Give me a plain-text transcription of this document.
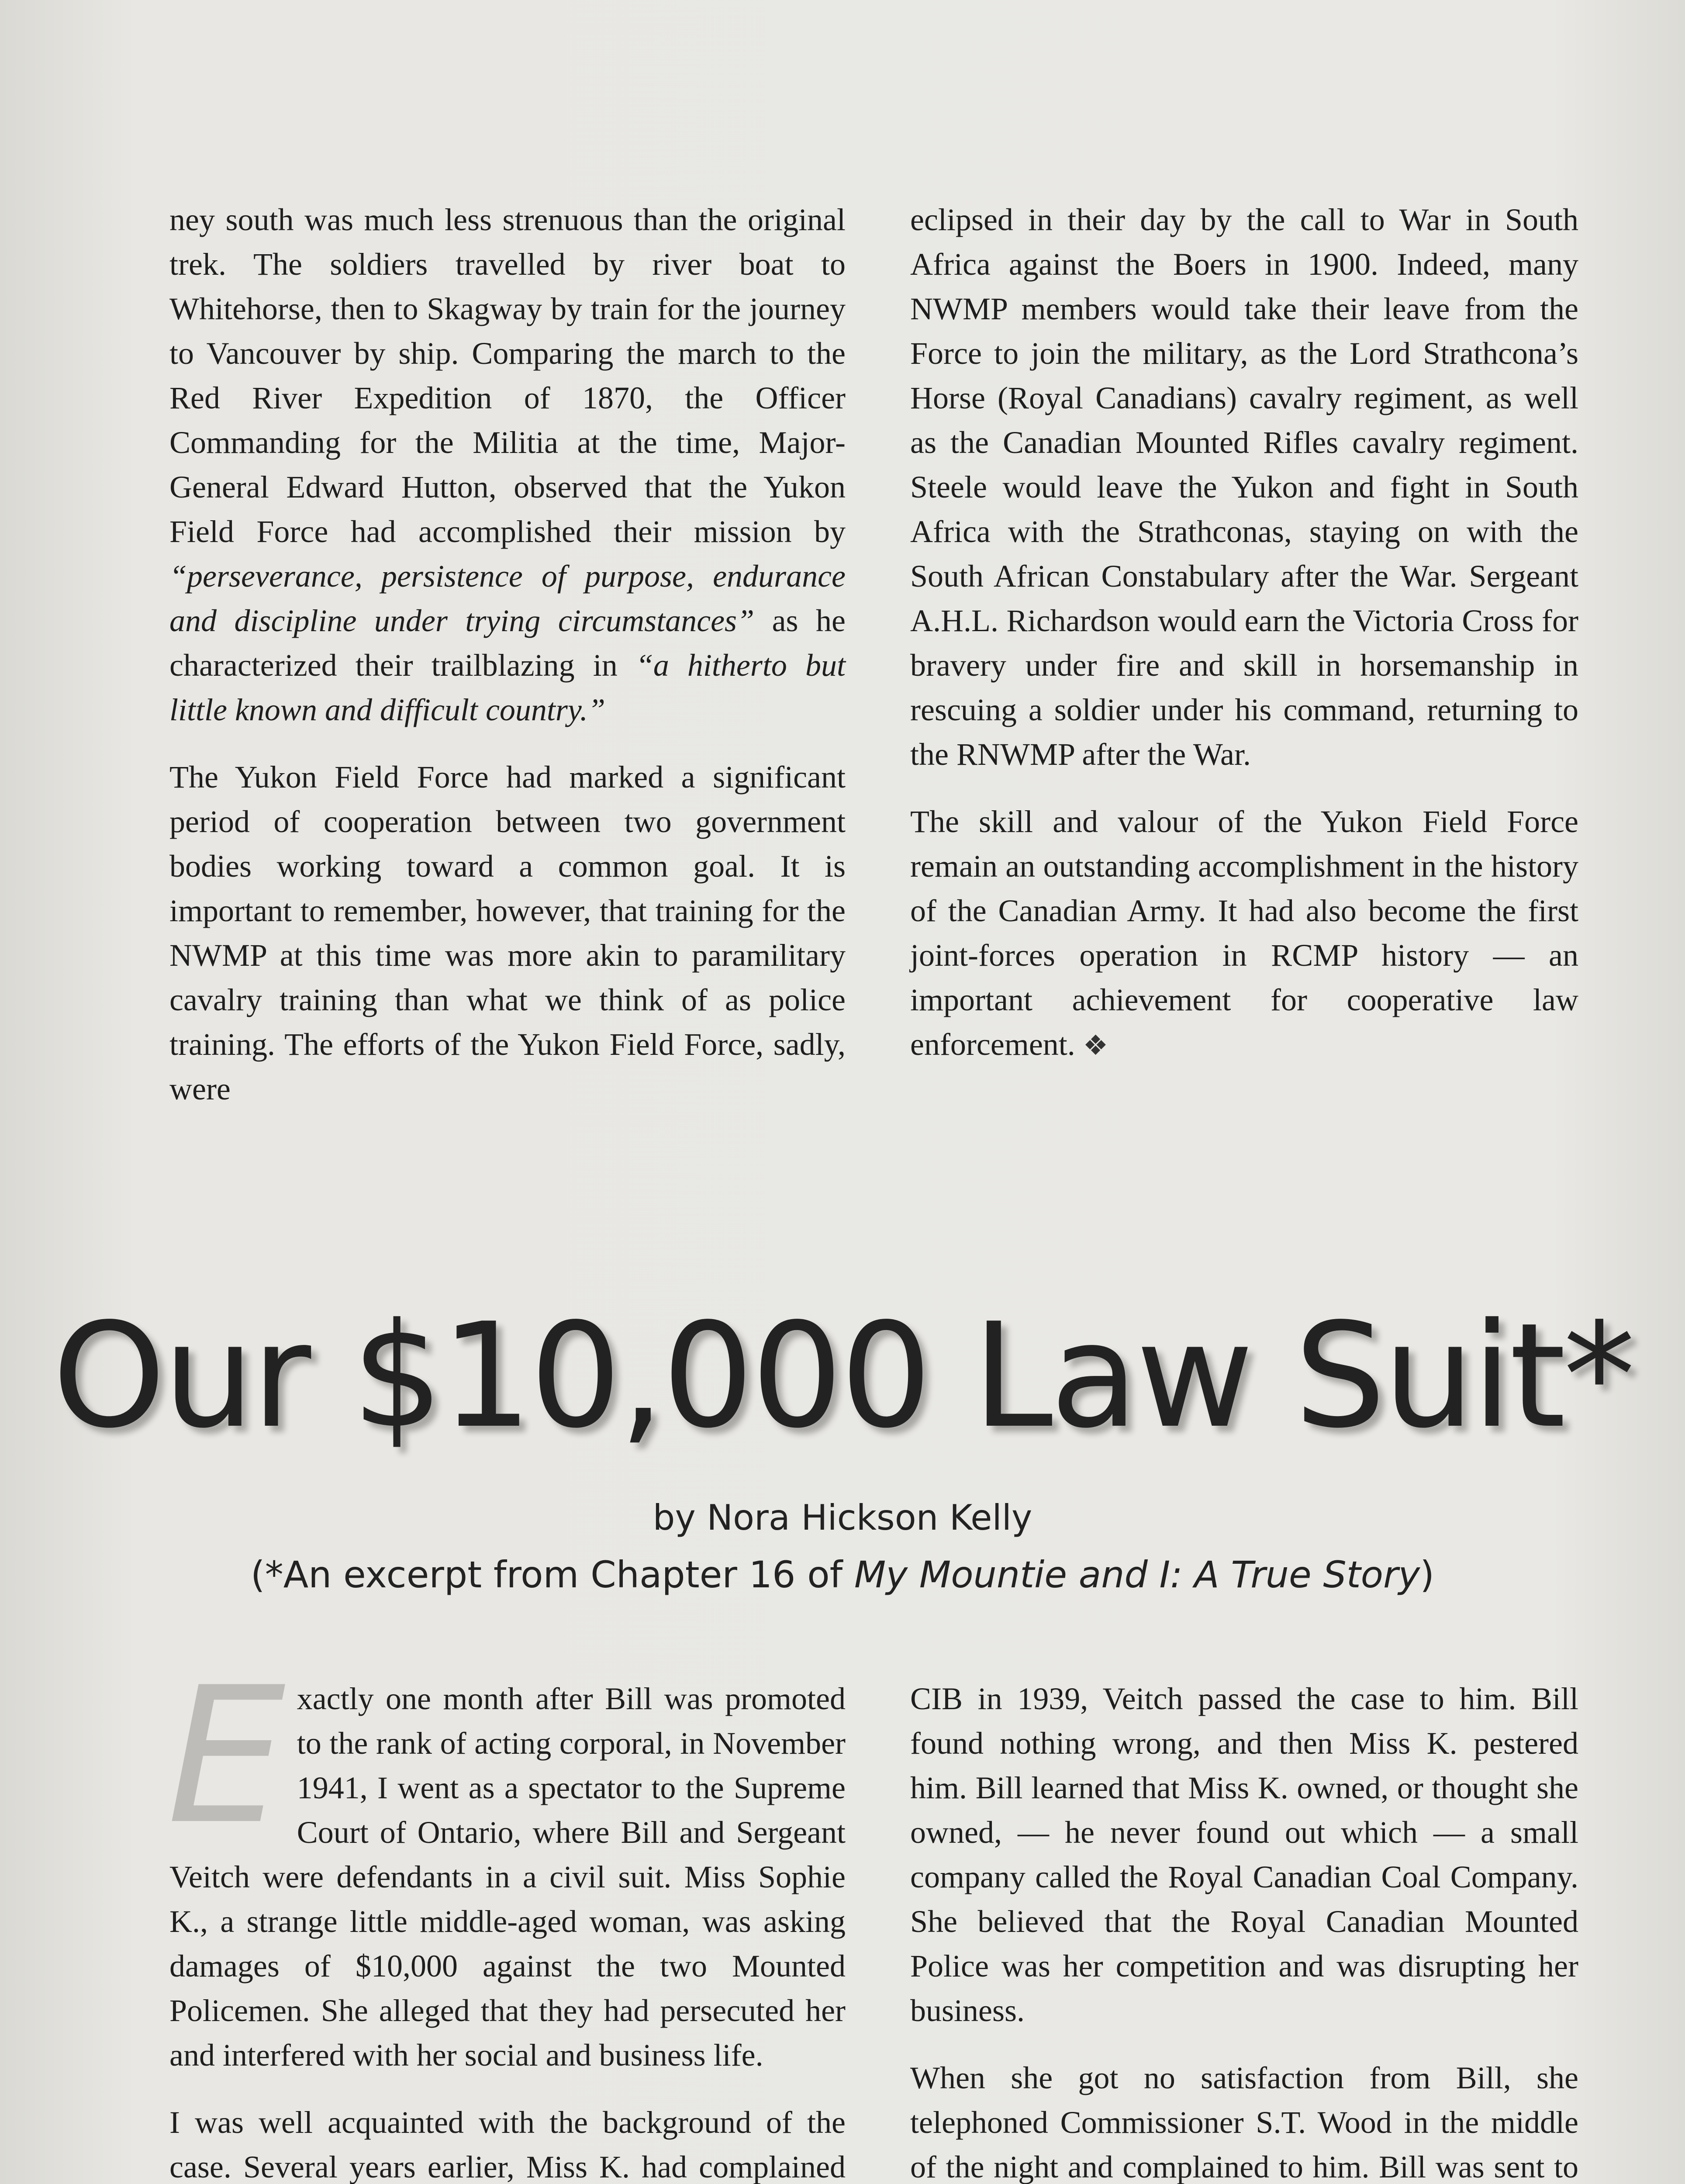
ney south was much less strenuous than the original trek. The soldiers travelled by river boat to Whitehorse, then to Skagway by train for the journey to Vancouver by ship. Comparing the march to the Red River Expedition of 1870, the Officer Commanding for the Militia at the time, Major-General Edward Hutton, observed that the Yukon Field Force had accomplished their mission by “perseverance, persistence of purpose, endurance and discipline under trying circumstances” as he characterized their trailblazing in “a hitherto but little known and difficult country.”

The Yukon Field Force had marked a significant period of cooperation between two government bodies working toward a common goal. It is important to remember, however, that training for the NWMP at this time was more akin to paramilitary cavalry training than what we think of as police training. The efforts of the Yukon Field Force, sadly, were

eclipsed in their day by the call to War in South Africa against the Boers in 1900. Indeed, many NWMP members would take their leave from the Force to join the military, as the Lord Strathcona’s Horse (Royal Canadians) cavalry regiment, as well as the Canadian Mounted Rifles cavalry regiment. Steele would leave the Yukon and fight in South Africa with the Strathconas, staying on with the South African Constabulary after the War. Sergeant A.H.L. Richardson would earn the Victoria Cross for bravery under fire and skill in horsemanship in rescuing a soldier under his command, returning to the RNWMP after the War.

The skill and valour of the Yukon Field Force remain an outstanding accomplishment in the history of the Canadian Army. It had also become the first joint-forces operation in RCMP history — an important achievement for cooperative law enforcement. ❖

Our $10,000 Law Suit*
by Nora Hickson Kelly
(*An excerpt from Chapter 16 of My Mountie and I: A True Story)

Exactly one month after Bill was promoted to the rank of acting corporal, in November 1941, I went as a spectator to the Supreme Court of Ontario, where Bill and Sergeant Veitch were defendants in a civil suit. Miss Sophie K., a strange little middle-aged woman, was asking damages of $10,000 against the two Mounted Policemen. She alleged that they had persecuted her and interfered with her social and business life.

I was well acquainted with the background of the case. Several years earlier, Miss K. had complained

CIB in 1939, Veitch passed the case to him. Bill found nothing wrong, and then Miss K. pestered him. Bill learned that Miss K. owned, or thought she owned, — he never found out which — a small company called the Royal Canadian Coal Company. She believed that the Royal Canadian Mounted Police was her competition and was disrupting her business.

When she got no satisfaction from Bill, she telephoned Commissioner S.T. Wood in the middle of the night and complained to him. Bill was sent to
